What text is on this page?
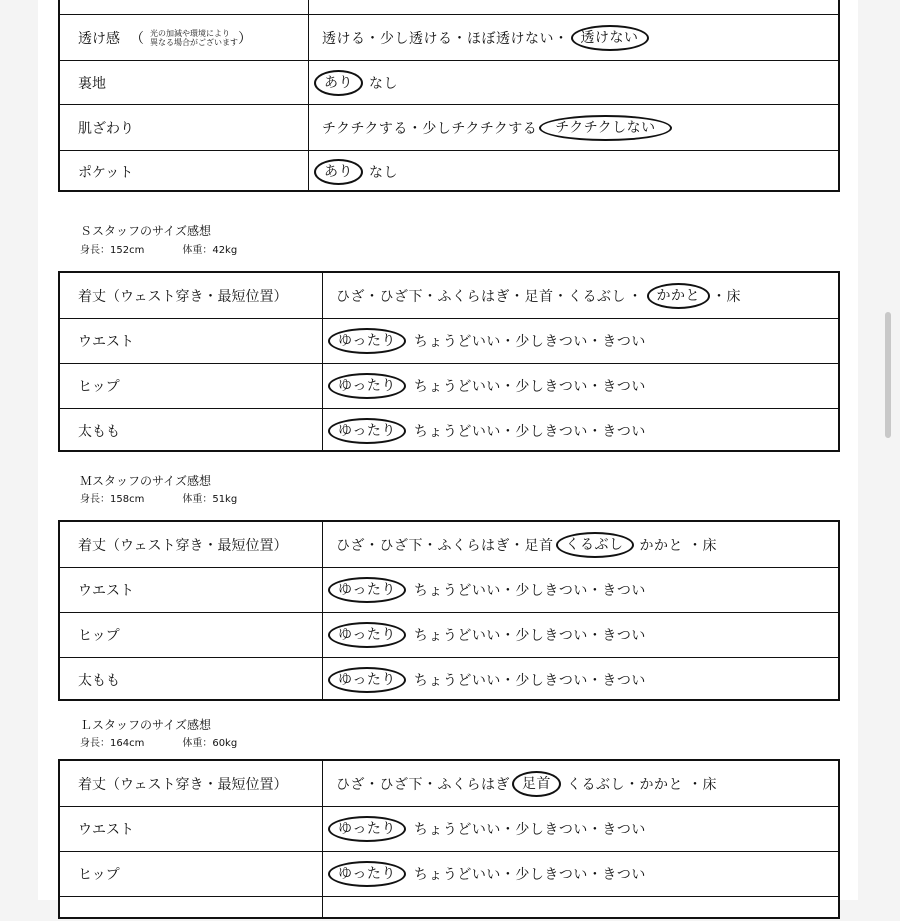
透け感 （ 光の加減や環境により
異なる場合がございます ）	透ける・少し透ける・ほぼ透けない・ 透けない
裏地	あり	なし
肌ざわり	チクチクする・少しチクチクする	チクチクしない
ポケット	あり	なし
Ｓスタッフのサイズ感想
身長：152cm	体重：42kg
着丈（ウェスト穿き・最短位置）	ひざ・ひざ下・ふくらはぎ・足首・くるぶし ・	かかと ・ 床
ウエスト	ゆったり	ちょうどいい・少しきつい・きつい
ヒップ	ゆったり	ちょうどいい・少しきつい・きつい
太もも	ゆったり	ちょうどいい・少しきつい・きつい
Ｍスタッフのサイズ感想
身長：158cm	体重：51kg
着丈（ウェスト穿き・最短位置）	ひざ・ひざ下・ふくらはぎ・足首 くるぶし	かかと ・床
ウエスト	ゆったり	ちょうどいい・少しきつい・きつい
ヒップ	ゆったり	ちょうどいい・少しきつい・きつい
太もも	ゆったり	ちょうどいい・少しきつい・きつい
Ｌスタッフのサイズ感想
身長：164cm	体重：60kg
着丈（ウェスト穿き・最短位置）	ひざ・ひざ下・ふくらはぎ 足首	くるぶし・かかと ・床
ウエスト	ゆったり	ちょうどいい・少しきつい・きつい
ヒップ	ゆったり	ちょうどいい・少しきつい・きつい
